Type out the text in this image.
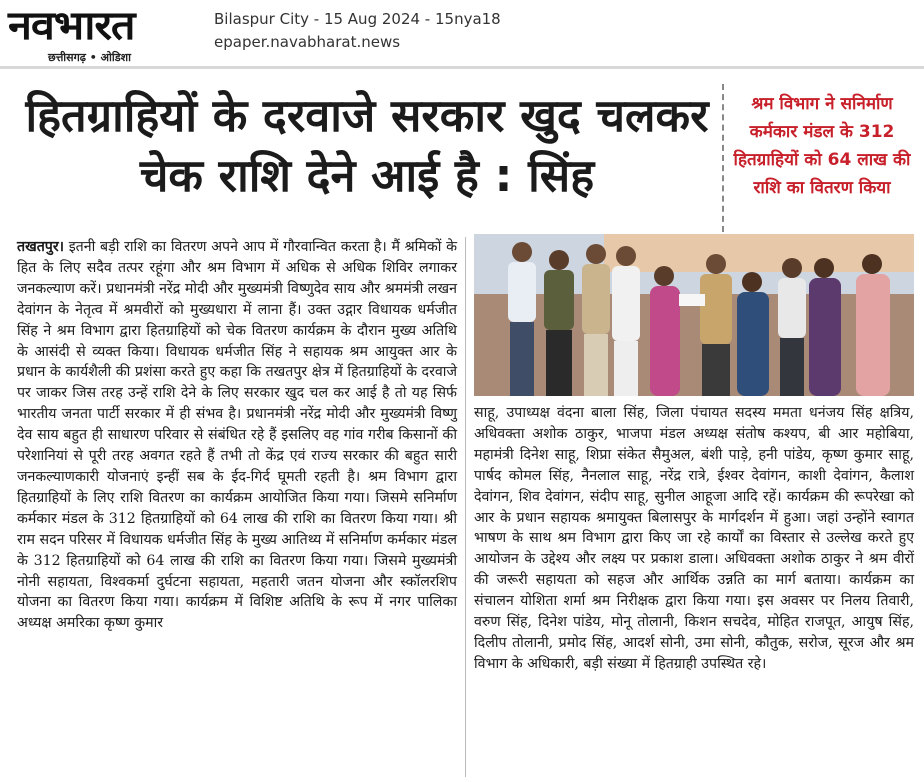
नवभारत
छत्तीसगढ़ • ओडिशा
Bilaspur City - 15 Aug 2024 - 15nya18
epaper.navabharat.news
हितग्राहियों के दरवाजे सरकार खुद चलकर चेक राशि देने आई है : सिंह
श्रम विभाग ने सनिर्माण कर्मकार मंडल के 312 हितग्राहियों को 64 लाख की राशि का वितरण किया
तखतपुर। इतनी बड़ी राशि का वितरण अपने आप में गौरवान्वित करता है। मैं श्रमिकों के हित के लिए सदैव तत्पर रहूंगा और श्रम विभाग में अधिक से अधिक शिविर लगाकर जनकल्याण करें। प्रधानमंत्री नरेंद्र मोदी और मुख्यमंत्री विष्णुदेव साय और श्रममंत्री लखन देवांगन के नेतृत्व में श्रमवीरों को मुख्यधारा में लाना हैं। उक्त उद्गार विधायक धर्मजीत सिंह ने श्रम विभाग द्वारा हितग्राहियों को चेक वितरण कार्यक्रम के दौरान मुख्य अतिथि के आसंदी से व्यक्त किया। विधायक धर्मजीत सिंह ने सहायक श्रम आयुक्त आर के प्रधान के कार्यशैली की प्रशंसा करते हुए कहा कि तखतपुर क्षेत्र में हितग्राहियों के दरवाजे पर जाकर जिस तरह उन्हें राशि देने के लिए सरकार खुद चल कर आई है तो यह सिर्फ भारतीय जनता पार्टी सरकार में ही संभव है। प्रधानमंत्री नरेंद्र मोदी और मुख्यमंत्री विष्णु देव साय बहुत ही साधारण परिवार से संबंधित रहे हैं इसलिए वह गांव गरीब किसानों की परेशानियां से पूरी तरह अवगत रहते हैं तभी तो केंद्र एवं राज्य सरकार की बहुत सारी जनकल्याणकारी योजनाएं इन्हीं सब के ईद-गिर्द घूमती रहती है। श्रम विभाग द्वारा हितग्राहियों के लिए राशि वितरण का कार्यक्रम आयोजित किया गया। जिसमे सनिर्माण कर्मकार मंडल के 312 हितग्राहियों को 64 लाख की राशि का वितरण किया गया। श्री राम सदन परिसर में विधायक धर्मजीत सिंह के मुख्य आतिथ्य में सनिर्माण कर्मकार मंडल के 312 हितग्राहियों को 64 लाख की राशि का वितरण किया गया। जिसमे मुख्यमंत्री नोनी सहायता, विश्वकर्मा दुर्घटना सहायता, महतारी जतन योजना और स्कॉलरशिप योजना का वितरण किया गया। कार्यक्रम में विशिष्ट अतिथि के रूप में नगर पालिका अध्यक्ष अमरिका कृष्ण कुमार
साहू, उपाध्यक्ष वंदना बाला सिंह, जिला पंचायत सदस्य ममता धनंजय सिंह क्षत्रिय, अधिवक्ता अशोक ठाकुर, भाजपा मंडल अध्यक्ष संतोष कश्यप, बी आर महोबिया, महामंत्री दिनेश साहू, शिप्रा संकेत सैमुअल, बंशी पाड़े, हनी पांडेय, कृष्ण कुमार साहू, पार्षद कोमल सिंह, नैनलाल साहू, नरेंद्र रात्रे, ईश्वर देवांगन, काशी देवांगन, कैलाश देवांगन, शिव देवांगन, संदीप साहू, सुनील आहूजा आदि रहें। कार्यक्रम की रूपरेखा को आर के प्रधान सहायक श्रमायुक्त बिलासपुर के मार्गदर्शन में हुआ। जहां उन्होंने स्वागत भाषण के साथ श्रम विभाग द्वारा किए जा रहे कार्यों का विस्तार से उल्लेख करते हुए आयोजन के उद्देश्य और लक्ष्य पर प्रकाश डाला। अधिवक्ता अशोक ठाकुर ने श्रम वीरों की जरूरी सहायता को सहज और आर्थिक उन्नति का मार्ग बताया। कार्यक्रम का संचालन योशिता शर्मा श्रम निरीक्षक द्वारा किया गया। इस अवसर पर निलय तिवारी, वरुण सिंह, दिनेश पांडेय, मोनू तोलानी, किशन सचदेव, मोहित राजपूत, आयुष सिंह, दिलीप तोलानी, प्रमोद सिंह, आदर्श सोनी, उमा सोनी, कौतुक, सरोज, सूरज और श्रम विभाग के अधिकारी, बड़ी संख्या में हितग्राही उपस्थित रहे।
